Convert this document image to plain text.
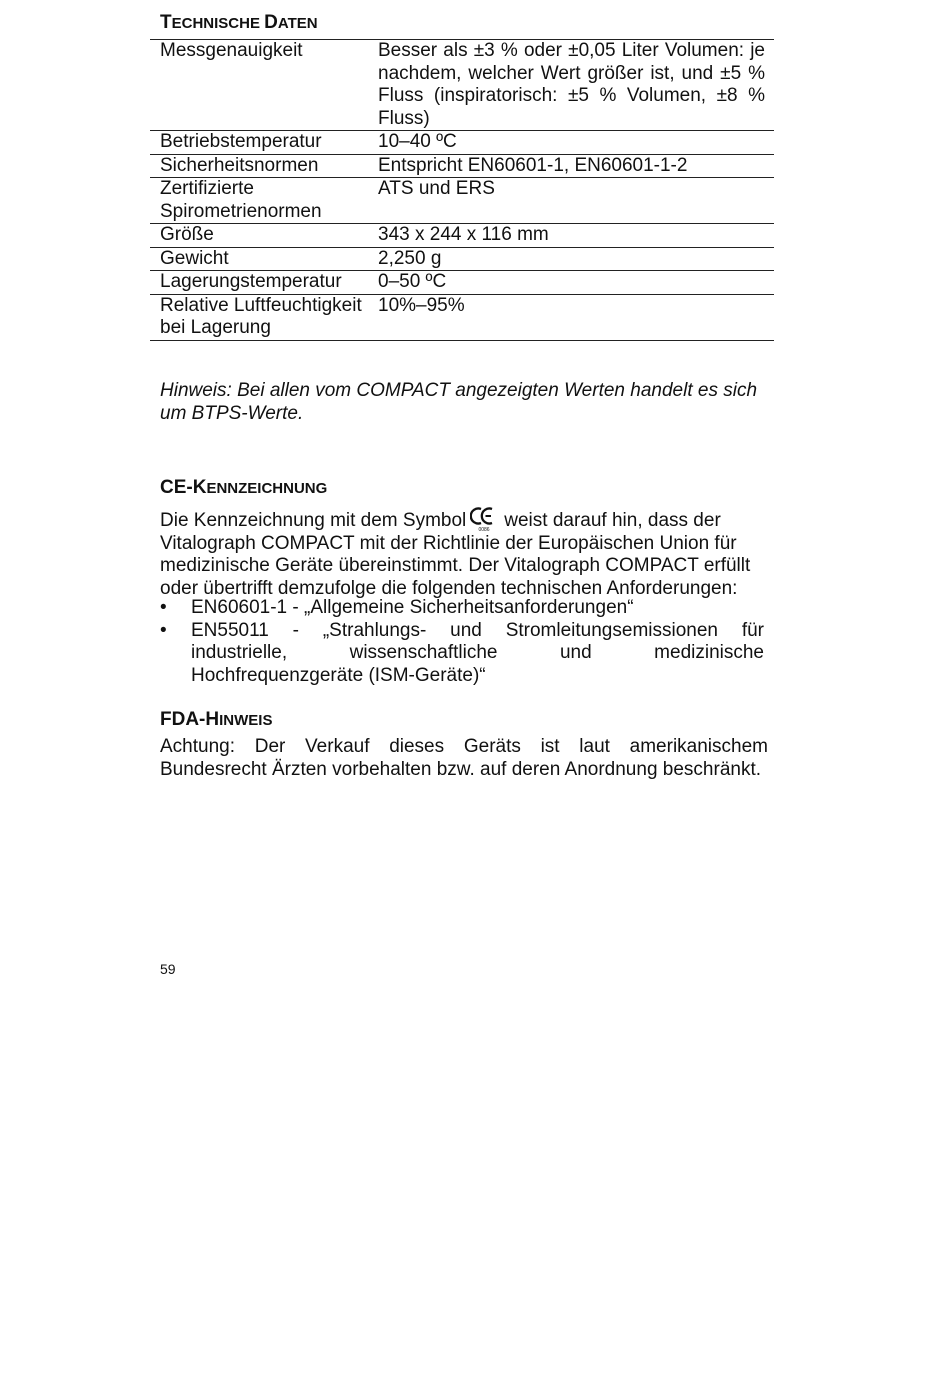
TECHNISCHE DATEN
Messgenauigkeit	Besser als ±3 % oder ±0,05 Liter Volumen: je nachdem, welcher Wert größer ist, und ±5 % Fluss (inspiratorisch: ±5 % Volumen, ±8 % Fluss)
Betriebstemperatur	10–40 ºC
Sicherheitsnormen	Entspricht EN60601-1, EN60601-1-2
Zertifizierte Spirometrienormen	ATS und ERS
Größe	343 x 244 x 116 mm
Gewicht	2,250 g
Lagerungstemperatur	0–50 ºC
Relative Luftfeuchtigkeit bei Lagerung	10%–95%

Hinweis: Bei allen vom COMPACT angezeigten Werten handelt es sich um BTPS-Werte.

CE-KENNZEICHNUNG

Die Kennzeichnung mit dem Symbol 0086 weist darauf hin, dass der Vitalograph COMPACT mit der Richtlinie der Europäischen Union für medizinische Geräte übereinstimmt. Der Vitalograph COMPACT erfüllt oder übertrifft demzufolge die folgenden technischen Anforderungen:

• EN60601-1 - „Allgemeine Sicherheitsanforderungen“
• EN55011 - „Strahlungs- und Stromleitungsemissionen für industrielle, wissenschaftliche und medizinische Hochfrequenzgeräte (ISM-Geräte)“
FDA-HINWEIS

Achtung: Der Verkauf dieses Geräts ist laut amerikanischem Bundesrecht Ärzten vorbehalten bzw. auf deren Anordnung beschränkt.

59
